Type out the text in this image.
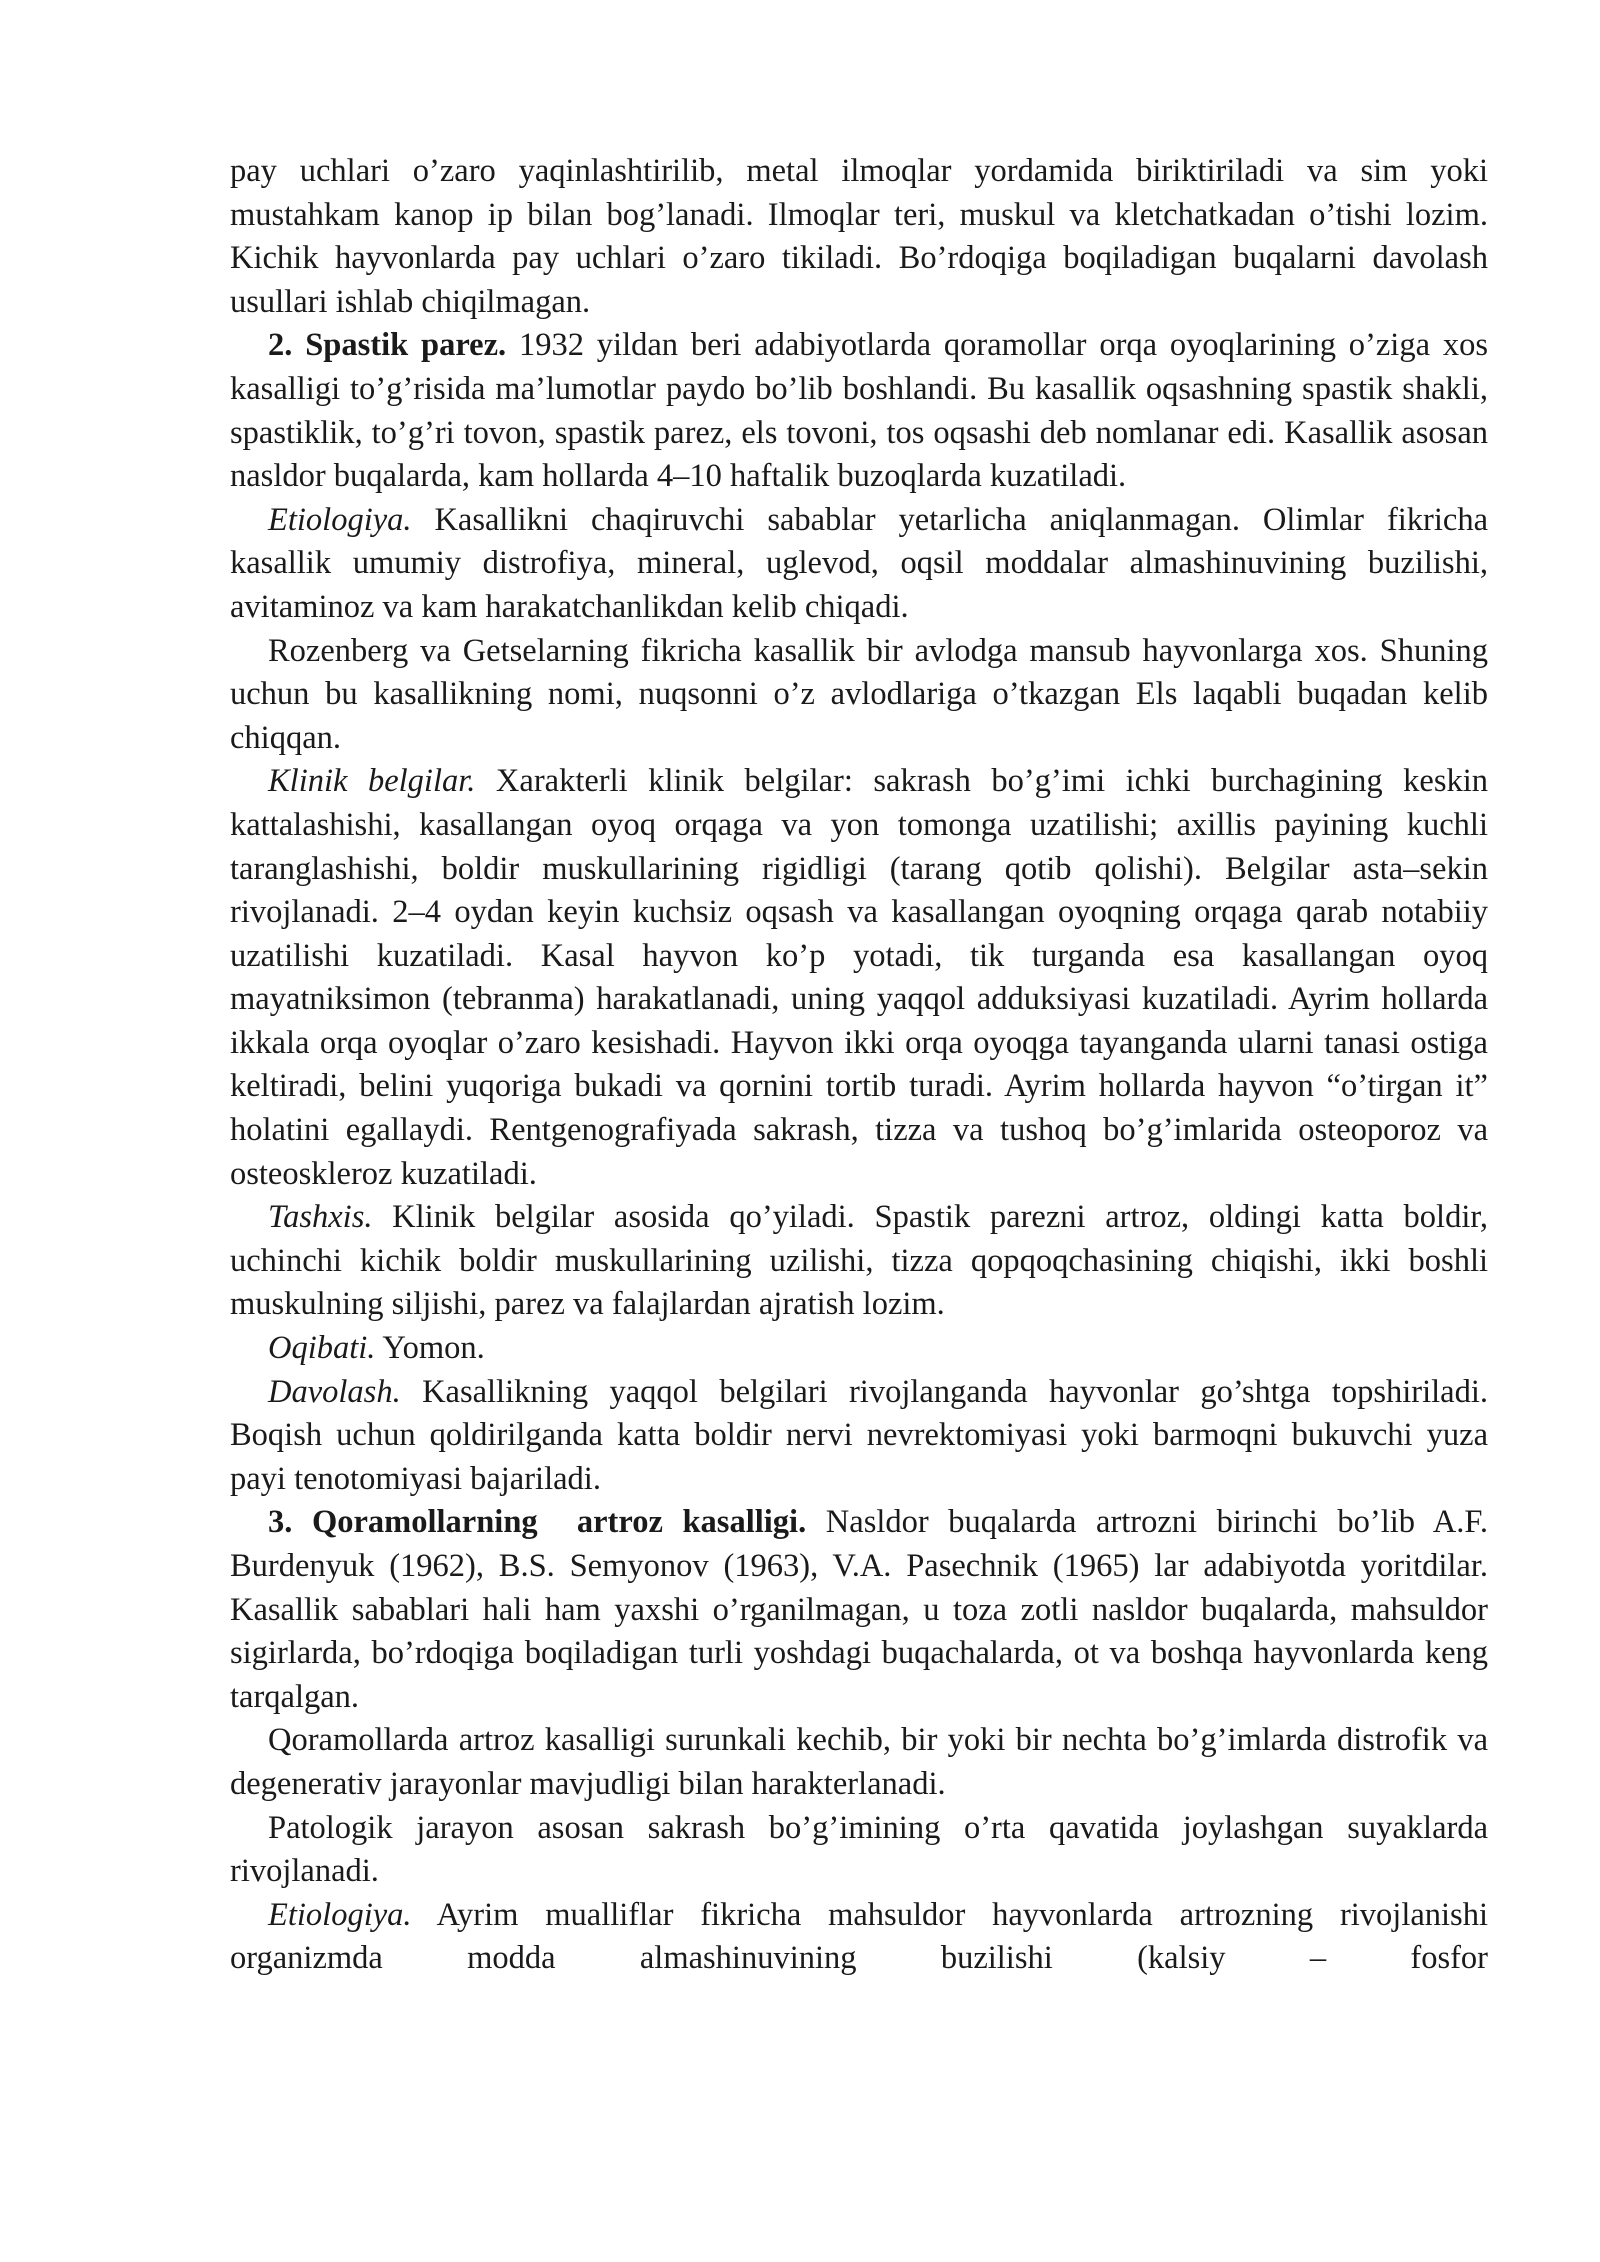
pay uchlari o’zaro yaqinlashtirilib, metal ilmoqlar yordamida biriktiriladi va sim yoki mustahkam kanop ip bilan bog’lanadi. Ilmoqlar teri, muskul va kletchatkadan o’tishi lozim. Kichik hayvonlarda pay uchlari o’zaro tikiladi. Bo’rdoqiga boqiladigan buqalarni davolash usullari ishlab chiqilmagan.

2. Spastik parez. 1932 yildan beri adabiyotlarda qoramollar orqa oyoqlarining o’ziga xos kasalligi to’g’risida ma’lumotlar paydo bo’lib boshlandi. Bu kasallik oqsashning spastik shakli, spastiklik, to’g’ri tovon, spastik parez, els tovoni, tos oqsashi deb nomlanar edi. Kasallik asosan nasldor buqalarda, kam hollarda 4–10 haftalik buzoqlarda kuzatiladi.

Etiologiya. Kasallikni chaqiruvchi sabablar yetarlicha aniqlanmagan. Olimlar fikricha kasallik umumiy distrofiya, mineral, uglevod, oqsil moddalar almashinuvining buzilishi, avitaminoz va kam harakatchanlikdan kelib chiqadi.

Rozenberg va Getselarning fikricha kasallik bir avlodga mansub hayvonlarga xos. Shuning uchun bu kasallikning nomi, nuqsonni o’z avlodlariga o’tkazgan Els laqabli buqadan kelib chiqqan.

Klinik belgilar. Xarakterli klinik belgilar: sakrash bo’g’imi ichki burchagining keskin kattalashishi, kasallangan oyoq orqaga va yon tomonga uzatilishi; axillis payining kuchli taranglashishi, boldir muskullarining rigidligi (tarang qotib qolishi). Belgilar asta–sekin rivojlanadi. 2–4 oydan keyin kuchsiz oqsash va kasallangan oyoqning orqaga qarab notabiiy uzatilishi kuzatiladi. Kasal hayvon ko’p yotadi, tik turganda esa kasallangan oyoq mayatniksimon (tebranma) harakatlanadi, uning yaqqol adduksiyasi kuzatiladi. Ayrim hollarda ikkala orqa oyoqlar o’zaro kesishadi. Hayvon ikki orqa oyoqga tayanganda ularni tanasi ostiga keltiradi, belini yuqoriga bukadi va qornini tortib turadi. Ayrim hollarda hayvon “o’tirgan it” holatini egallaydi. Rentgenografiyada sakrash, tizza va tushoq bo’g’imlarida osteoporoz va osteoskleroz kuzatiladi.

Tashxis. Klinik belgilar asosida qo’yiladi. Spastik parezni artroz, oldingi katta boldir, uchinchi kichik boldir muskullarining uzilishi, tizza qopqoqchasining chiqishi, ikki boshli muskulning siljishi, parez va falajlardan ajratish lozim.

Oqibati. Yomon.

Davolash. Kasallikning yaqqol belgilari rivojlanganda hayvonlar go’shtga topshiriladi. Boqish uchun qoldirilganda katta boldir nervi nevrektomiyasi yoki barmoqni bukuvchi yuza payi tenotomiyasi bajariladi.

3. Qoramollarning  artroz kasalligi. Nasldor buqalarda artrozni birinchi bo’lib A.F. Burdenyuk (1962), B.S. Semyonov (1963), V.A. Pasechnik (1965) lar adabiyotda yoritdilar. Kasallik sabablari hali ham yaxshi o’rganilmagan, u toza zotli nasldor buqalarda, mahsuldor sigirlarda, bo’rdoqiga boqiladigan turli yoshdagi buqachalarda, ot va boshqa hayvonlarda keng tarqalgan.

Qoramollarda artroz kasalligi surunkali kechib, bir yoki bir nechta bo’g’imlarda distrofik va degenerativ jarayonlar mavjudligi bilan harakterlanadi.

Patologik jarayon asosan sakrash bo’g’imining o’rta qavatida joylashgan suyaklarda rivojlanadi.

Etiologiya. Ayrim mualliflar fikricha mahsuldor hayvonlarda artrozning rivojlanishi organizmda modda almashinuvining buzilishi (kalsiy – fosfor
